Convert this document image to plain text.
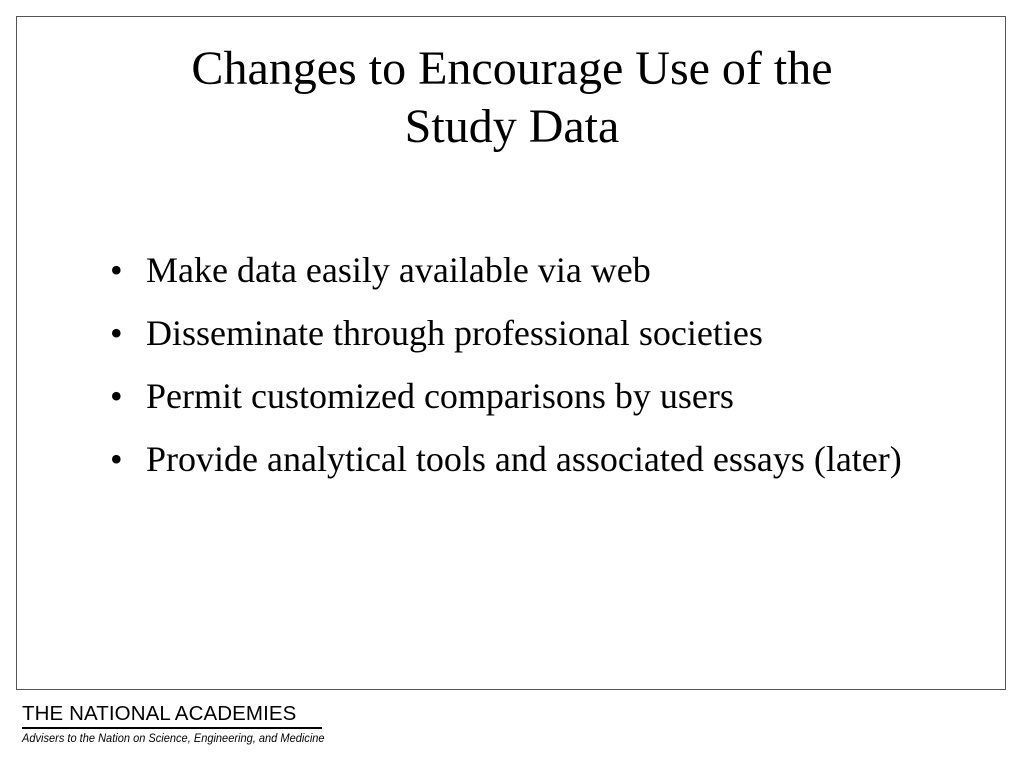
Changes to Encourage Use of the
Study Data
• Make data easily available via web
• Disseminate through professional societies
• Permit customized comparisons by users
• Provide analytical tools and associated essays (later)
THE NATIONAL ACADEMIES
Advisers to the Nation on Science, Engineering, and Medicine
